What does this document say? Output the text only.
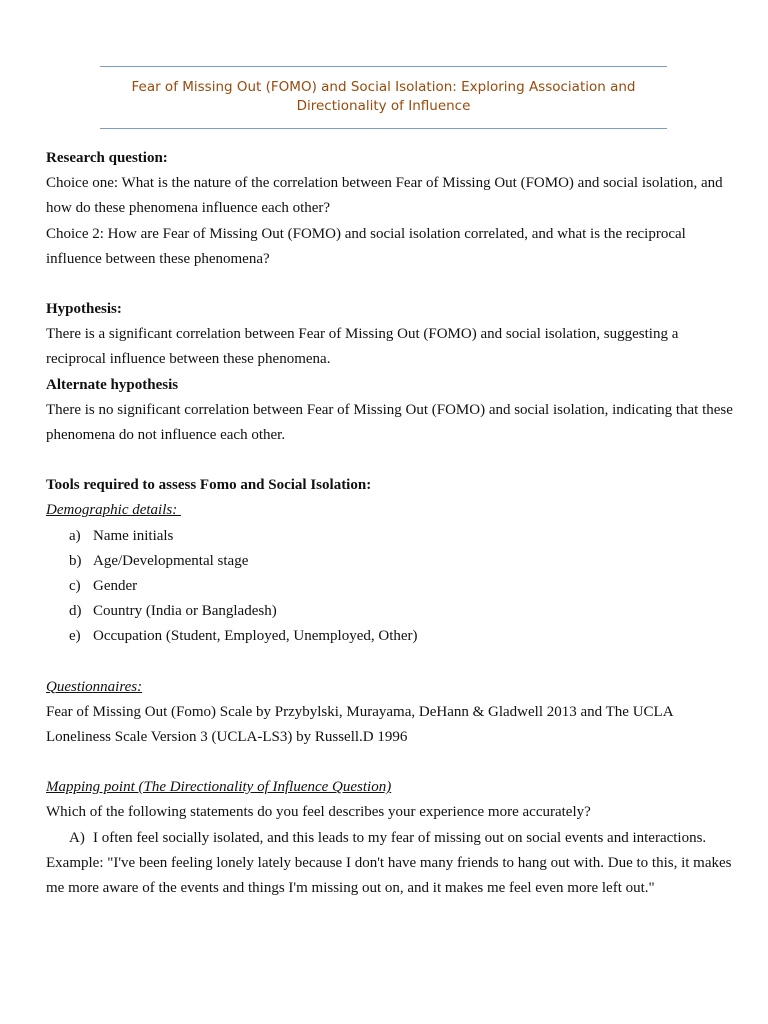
Fear of Missing Out (FOMO) and Social Isolation: Exploring Association and Directionality of Influence

Research question:

Choice one: What is the nature of the correlation between Fear of Missing Out (FOMO) and social isolation, and how do these phenomena influence each other?

Choice 2: How are Fear of Missing Out (FOMO) and social isolation correlated, and what is the reciprocal influence between these phenomena?

Hypothesis:

There is a significant correlation between Fear of Missing Out (FOMO) and social isolation, suggesting a reciprocal influence between these phenomena.

Alternate hypothesis

There is no significant correlation between Fear of Missing Out (FOMO) and social isolation, indicating that these phenomena do not influence each other.

Tools required to assess Fomo and Social Isolation:

Demographic details:

a) Name initials
b) Age/Developmental stage
c) Gender
d) Country (India or Bangladesh)
e) Occupation (Student, Employed, Unemployed, Other)

Questionnaires:

Fear of Missing Out (Fomo) Scale by Przybylski, Murayama, DeHann & Gladwell 2013 and The UCLA Loneliness Scale Version 3 (UCLA-LS3) by Russell.D 1996

Mapping point (The Directionality of Influence Question)

Which of the following statements do you feel describes your experience more accurately?

A) I often feel socially isolated, and this leads to my fear of missing out on social events and interactions.

Example: "I've been feeling lonely lately because I don't have many friends to hang out with. Due to this, it makes me more aware of the events and things I'm missing out on, and it makes me feel even more left out."
